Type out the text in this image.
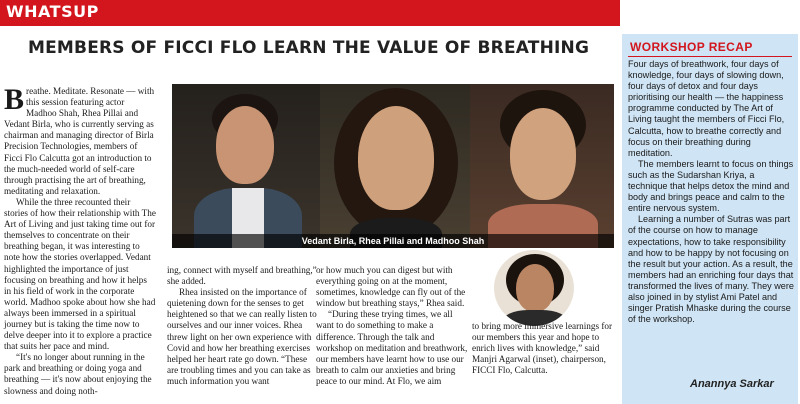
WHATSUP
MEMBERS OF FICCI FLO LEARN THE VALUE OF BREATHING
B reathe. Meditate. Resonate — with this session featuring actor Madhoo Shah, Rhea Pillai and Vedant Birla, who is currently serving as chairman and managing director of Birla Precision Technologies, members of Ficci Flo Calcutta got an introduction to the much-needed world of self-care through practising the art of breathing, meditating and relaxation.

While the three recounted their stories of how their relationship with The Art of Living and just taking time out for themselves to concentrate on their breathing began, it was interesting to note how the stories overlapped. Vedant highlighted the importance of just focusing on breathing and how it helps in his field of work in the corporate world. Madhoo spoke about how she had always been immersed in a spiritual journey but is taking the time now to delve deeper into it to explore a practice that suits her pace and mind.

“It's no longer about running in the park and breathing or doing yoga and breathing — it's now about enjoying the slowness and doing noth-

Vedant Birla, Rhea Pillai and Madhoo Shah

ing, connect with myself and breathing,” she added.

Rhea insisted on the importance of quietening down for the senses to get heightened so that we can really listen to ourselves and our inner voices. Rhea threw light on her own experience with Covid and how her breathing exercises helped her heart rate go down. “These are troubling times and you can take as much information you want

or how much you can digest but with everything going on at the moment, sometimes, knowledge can fly out of the window but breathing stays,” Rhea said.

“During these trying times, we all want to do something to make a difference. Through the talk and workshop on meditation and breathwork, our members have learnt how to use our breath to calm our anxieties and bring peace to our mind. At Flo, we aim

to bring more immersive learnings for our members this year and hope to enrich lives with knowledge,” said Manjri Agarwal (inset), chairperson, FICCI Flo, Calcutta.

WORKSHOP RECAP

Four days of breathwork, four days of knowledge, four days of slowing down, four days of detox and four days prioritising our health — the happiness programme conducted by The Art of Living taught the members of Ficci Flo, Calcutta, how to breathe correctly and focus on their breathing during meditation.

The members learnt to focus on things such as the Sudarshan Kriya, a technique that helps detox the mind and body and brings peace and calm to the entire nervous system.

Learning a number of Sutras was part of the course on how to manage expectations, how to take responsibility and how to be happy by not focusing on the result but your action. As a result, the members had an enriching four days that transformed the lives of many. They were also joined in by stylist Ami Patel and singer Pratish Mhaske during the course of the workshop.

Anannya Sarkar
